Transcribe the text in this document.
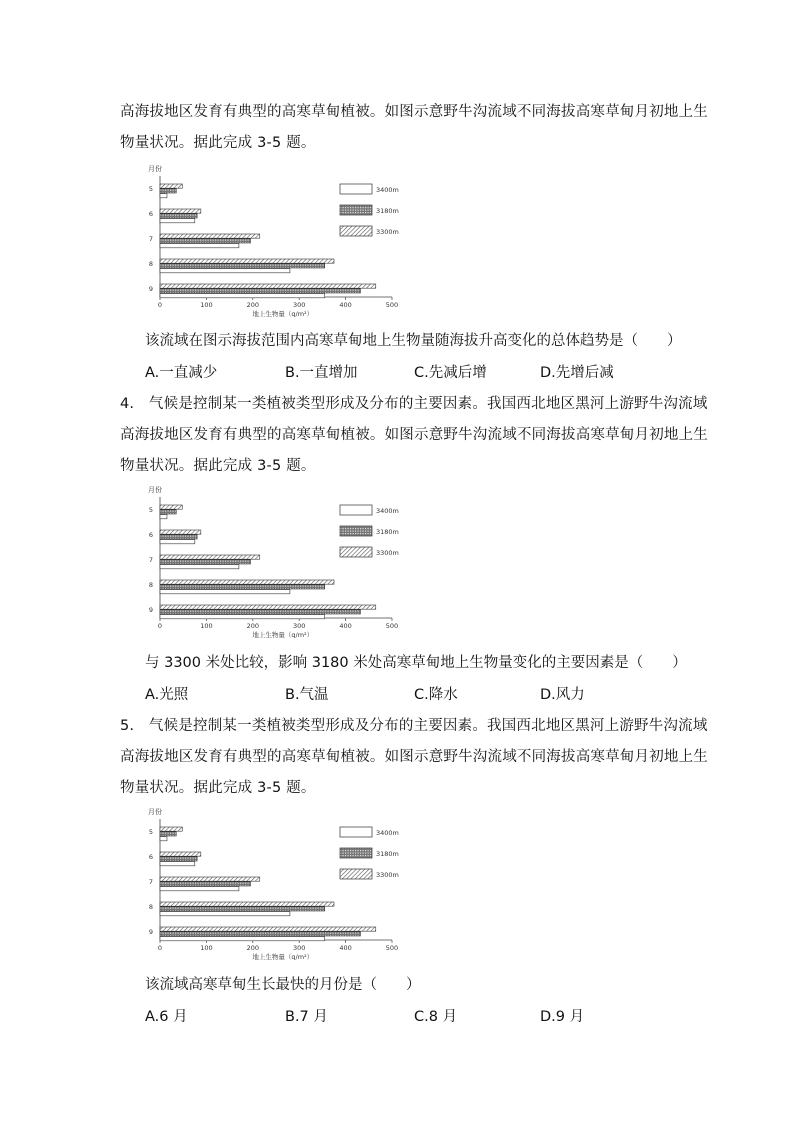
高海拔地区发育有典型的高寒草甸植被。如图示意野牛沟流域不同海拔高寒草甸月初地上生
物量状况。据此完成 3-5 题。
月份
0	100	200	300	400	500
地上生物量（g/m²）
5
6
7
8
9
3400m
3180m
3300m
该流域在图示海拔范围内高寒草甸地上生物量随海拔升高变化的总体趋势是（　　）
A.一直减少	B.一直增加	C.先减后增	D.先增后减
4.　气候是控制某一类植被类型形成及分布的主要因素。我国西北地区黑河上游野牛沟流域
高海拔地区发育有典型的高寒草甸植被。如图示意野牛沟流域不同海拔高寒草甸月初地上生
物量状况。据此完成 3-5 题。
月份
0	100	200	300	400	500
地上生物量（g/m²）
5
6
7
8
9
3400m
3180m
3300m
与 3300 米处比较，影响 3180 米处高寒草甸地上生物量变化的主要因素是（　　）
A.光照	B.气温	C.降水	D.风力
5.　气候是控制某一类植被类型形成及分布的主要因素。我国西北地区黑河上游野牛沟流域
高海拔地区发育有典型的高寒草甸植被。如图示意野牛沟流域不同海拔高寒草甸月初地上生
物量状况。据此完成 3-5 题。
月份
0	100	200	300	400	500
地上生物量（g/m²）
5
6
7
8
9
3400m
3180m
3300m
该流域高寒草甸生长最快的月份是（　　）
A.6 月	B.7 月	C.8 月	D.9 月
